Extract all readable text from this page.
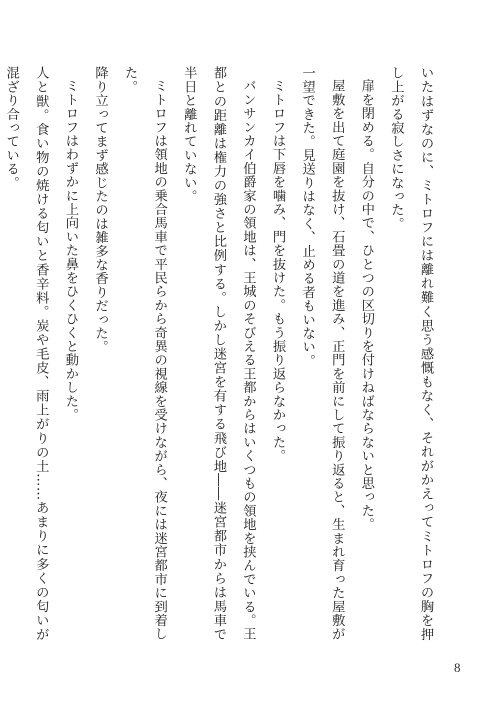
いたはずなのに、ミトロフには離れ難く思う感慨もなく、それがかえってミトロフの胸を押し上がる寂しさになった。

扉を閉める。自分の中で、ひとつの区切りを付けねばならないと思った。

屋敷を出て庭園を抜け、石畳の道を進み、正門を前にして振り返ると、生まれ育った屋敷が一望できた。見送りはなく、止める者もいない。

ミトロフは下唇を噛み、門を抜けた。もう振り返らなかった。

バンサンカイ伯爵家の領地は、王城のそびえる王都からはいくつもの領地を挟んでいる。王都との距離は権力の強さと比例する。しかし迷宮を有する飛び地――迷宮都市からは馬車で半日と離れていない。

ミトロフは領地の乗合馬車で平民らから奇異の視線を受けながら、夜には迷宮都市に到着した。

降り立ってまず感じたのは雑多な香りだった。

ミトロフはわずかに上向いた鼻をひくひくと動かした。

人と獣。食い物の焼ける匂いと香辛料。炭や毛皮、雨上がりの土……あまりに多くの匂いが混ざり合っている。

8
